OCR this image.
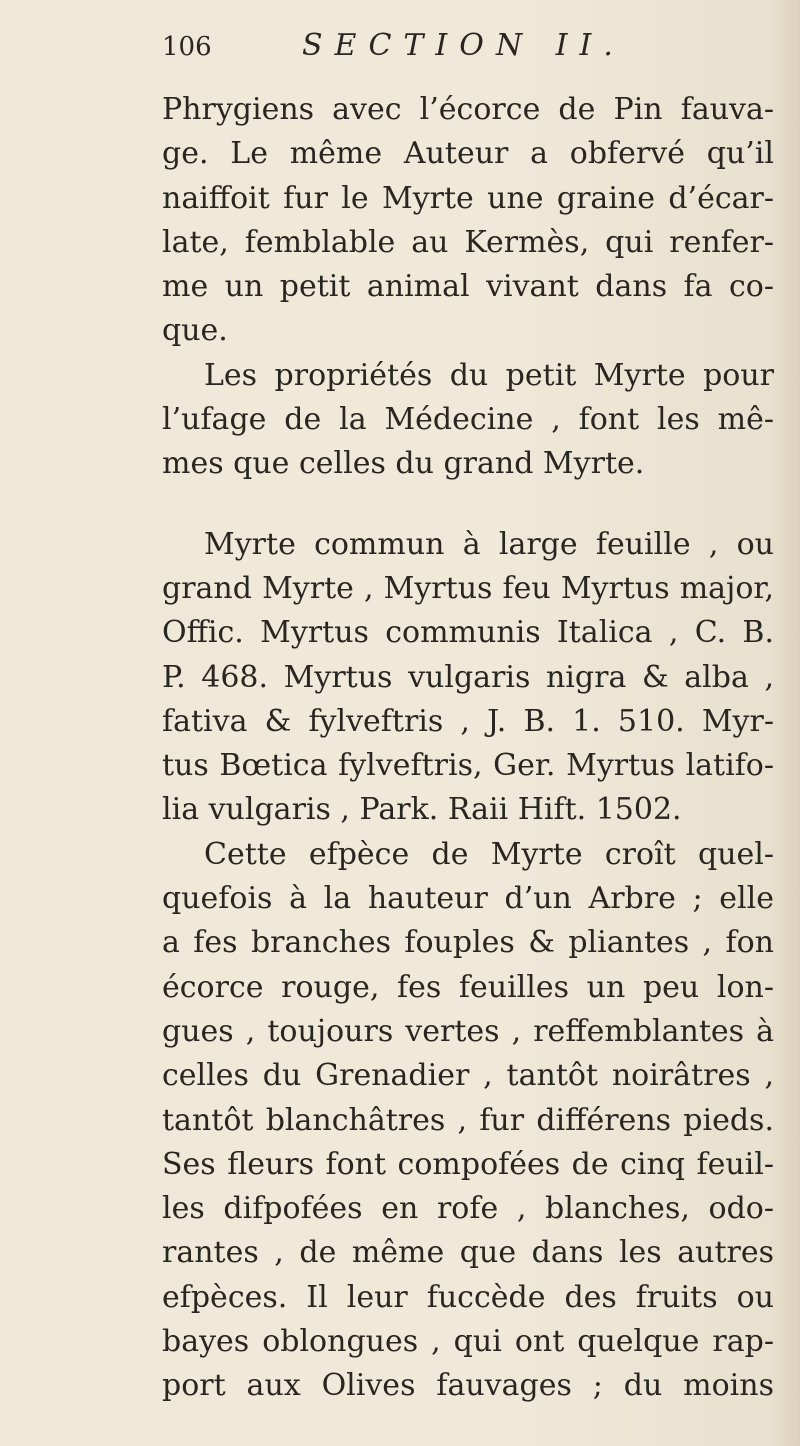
106	SECTION II.
Phrygiens avec l’écorce de Pin fauva-
ge. Le même Auteur a obfervé qu’il
naiffoit fur le Myrte une graine d’écar-
late, femblable au Kermès, qui renfer-
me un petit animal vivant dans fa co-
que.
Les propriétés du petit Myrte pour
l’ufage de la Médecine , font les mê-
mes que celles du grand Myrte.
Myrte commun à large feuille , ou
grand Myrte , Myrtus feu Myrtus major,
Offic. Myrtus communis Italica , C. B.
P. 468. Myrtus vulgaris nigra & alba ,
fativa & fylveftris , J. B. 1. 510. Myr-
tus Bœtica fylveftris, Ger. Myrtus latifo-
lia vulgaris , Park. Raii Hift. 1502.
Cette efpèce de Myrte croît quel-
quefois à la hauteur d’un Arbre ; elle
a fes branches fouples & pliantes , fon
écorce rouge, fes feuilles un peu lon-
gues , toujours vertes , reffemblantes à
celles du Grenadier , tantôt noirâtres ,
tantôt blanchâtres , fur différens pieds.
Ses fleurs font compofées de cinq feuil-
les difpofées en rofe , blanches, odo-
rantes , de même que dans les autres
efpèces. Il leur fuccède des fruits ou
bayes oblongues , qui ont quelque rap-
port aux Olives fauvages ; du moins
